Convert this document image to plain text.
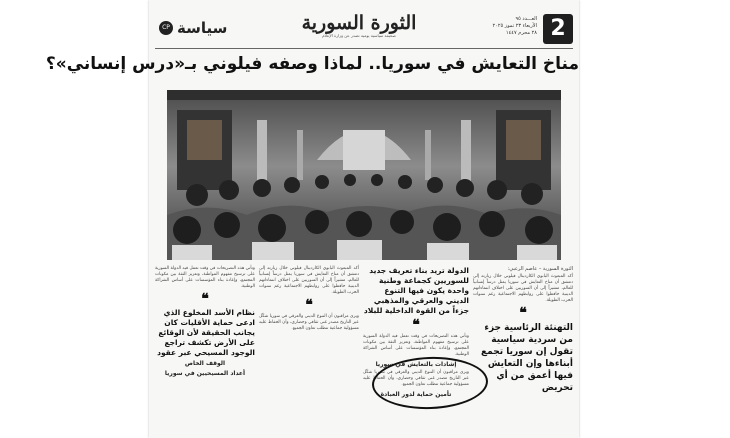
2
العـــدد ٩٥
الأربعاء ٢٣ تموز ٢٠٢٥
٢٨ محرم ١٤٤٧
الثورة السورية
صحيفة سياسية يومية تصدر عن وزارة الإعلام
سياسة
CP
مناخ التعايش في سوريا.. لماذا وصفه فيلوني بـ«درس إنساني»؟
الثورة السورية – عاصم الرعبي:

أكد المبعوث البابوي الكاردينال فيلوني خلال زيارته إلى دمشق أن مناخ التعايش في سوريا يمثل درساً إنسانياً للعالم، مشيراً إلى أن السوريين على اختلاف انتماءاتهم الدينية حافظوا على روابطهم الاجتماعية رغم سنوات الحرب الطويلة.

❝
التهنئة الرئاسية جزء من سردية سياسية تقول إن سوريا تجمع أبناءها وإن التعايش فيها أعمق من أي تحريض
الدولة تريد بناء تعريف جديد للسوريين كجماعة وطنية واحدة يكون فيها التنوع الديني والعرقي والمذهبي جزءاً من القوة الداخلية للبلاد
❝

وتأتي هذه التصريحات في وقت تعمل فيه الدولة السورية على ترسيخ مفهوم المواطنة، وتعزيز الثقة بين مكونات المجتمع، وإعادة بناء المؤسسات على أساس الشراكة الوطنية.

إشادات بالتعايش في سوريا

ويرى مراقبون أن التنوع الديني والعرقي في سوريا شكّل عبر التاريخ مصدر غنى ثقافي وحضاري، وأن الحفاظ عليه مسؤولية جماعية تتطلب تعاون الجميع.

تأمين حماية لدور العبادة

أكد المبعوث البابوي الكاردينال فيلوني خلال زيارته إلى دمشق أن مناخ التعايش في سوريا يمثل درساً إنسانياً للعالم، مشيراً إلى أن السوريين على اختلاف انتماءاتهم الدينية حافظوا على روابطهم الاجتماعية رغم سنوات الحرب الطويلة.

❝

ويرى مراقبون أن التنوع الديني والعرقي في سوريا شكّل عبر التاريخ مصدر غنى ثقافي وحضاري، وأن الحفاظ عليه مسؤولية جماعية تتطلب تعاون الجميع.

وتأتي هذه التصريحات في وقت تعمل فيه الدولة السورية على ترسيخ مفهوم المواطنة، وتعزيز الثقة بين مكونات المجتمع، وإعادة بناء المؤسسات على أساس الشراكة الوطنية.

❝
نظام الأسد المخلوع الذي ادعى حماية الأقليات كان يجانب الحقيقة لأن الوقائع على الأرض تكشف تراجع الوجود المسيحي عبر عقود
الوقف الخاص
أعداد المسيحيين في سوريا
